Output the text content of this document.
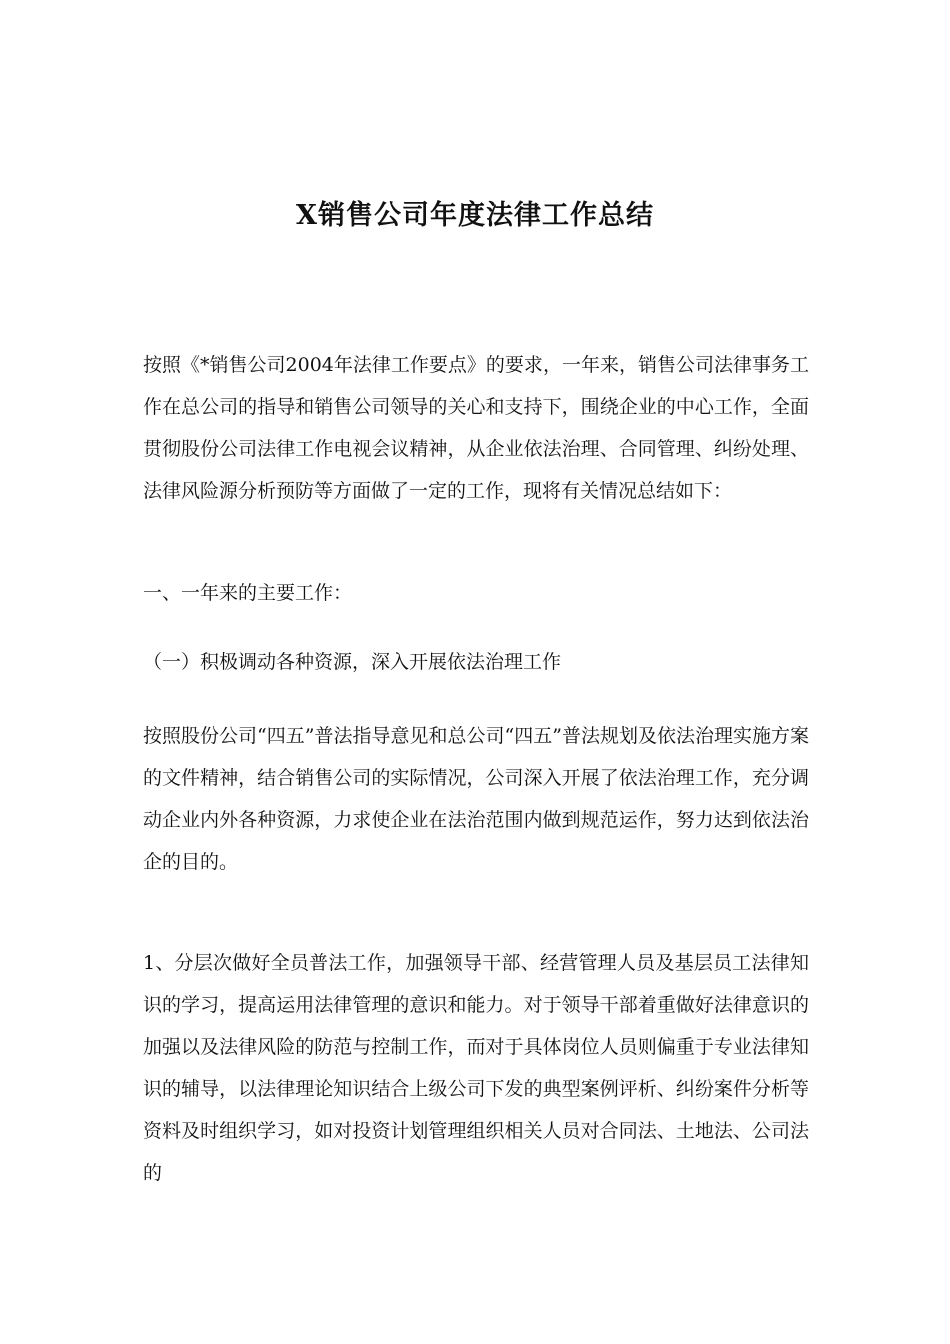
X销售公司年度法律工作总结

按照《*销售公司2004年法律工作要点》的要求，一年来，销售公司法律事务工作在总公司的指导和销售公司领导的关心和支持下，围绕企业的中心工作，全面贯彻股份公司法律工作电视会议精神，从企业依法治理、合同管理、纠纷处理、法律风险源分析预防等方面做了一定的工作，现将有关情况总结如下：

一、一年来的主要工作：

（一）积极调动各种资源，深入开展依法治理工作

按照股份公司“四五”普法指导意见和总公司“四五”普法规划及依法治理实施方案的文件精神，结合销售公司的实际情况，公司深入开展了依法治理工作，充分调动企业内外各种资源，力求使企业在法治范围内做到规范运作，努力达到依法治企的目的。

1、分层次做好全员普法工作，加强领导干部、经营管理人员及基层员工法律知识的学习，提高运用法律管理的意识和能力。对于领导干部着重做好法律意识的加强以及法律风险的防范与控制工作，而对于具体岗位人员则偏重于专业法律知识的辅导，以法律理论知识结合上级公司下发的典型案例评析、纠纷案件分析等资料及时组织学习，如对投资计划管理组织相关人员对合同法、土地法、公司法的
